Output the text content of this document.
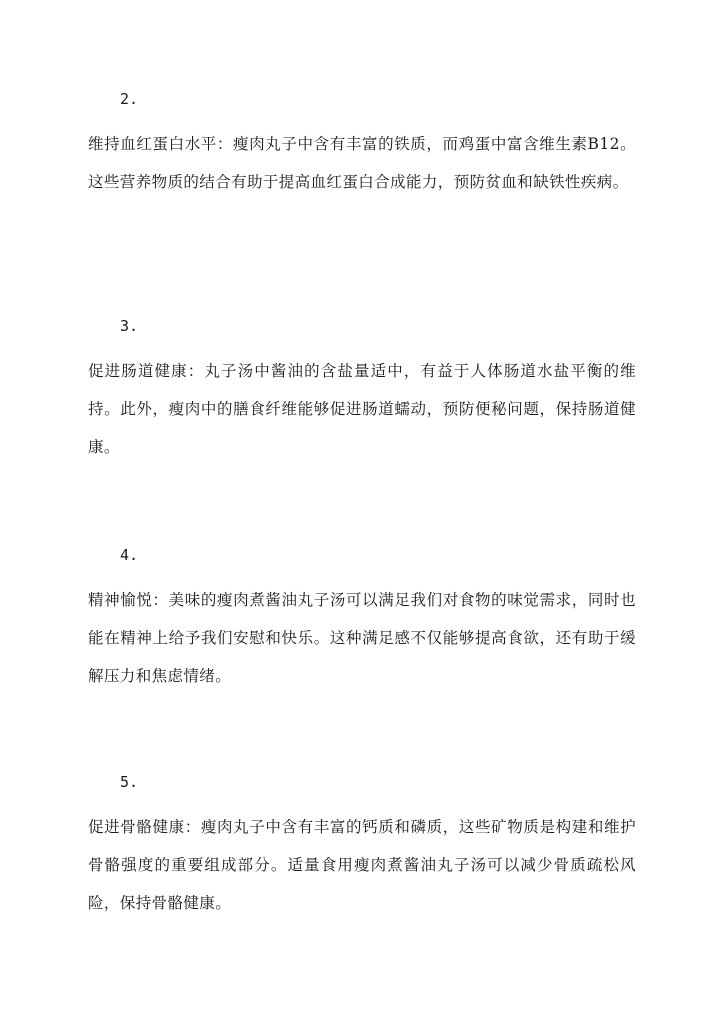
2.

维持血红蛋白水平：瘦肉丸子中含有丰富的铁质，而鸡蛋中富含维生素B12。这些营养物质的结合有助于提高血红蛋白合成能力，预防贫血和缺铁性疾病。

3.

促进肠道健康：丸子汤中酱油的含盐量适中，有益于人体肠道水盐平衡的维持。此外，瘦肉中的膳食纤维能够促进肠道蠕动，预防便秘问题，保持肠道健康。

4.

精神愉悦：美味的瘦肉煮酱油丸子汤可以满足我们对食物的味觉需求，同时也能在精神上给予我们安慰和快乐。这种满足感不仅能够提高食欲，还有助于缓解压力和焦虑情绪。

5.

促进骨骼健康：瘦肉丸子中含有丰富的钙质和磷质，这些矿物质是构建和维护骨骼强度的重要组成部分。适量食用瘦肉煮酱油丸子汤可以减少骨质疏松风险，保持骨骼健康。
